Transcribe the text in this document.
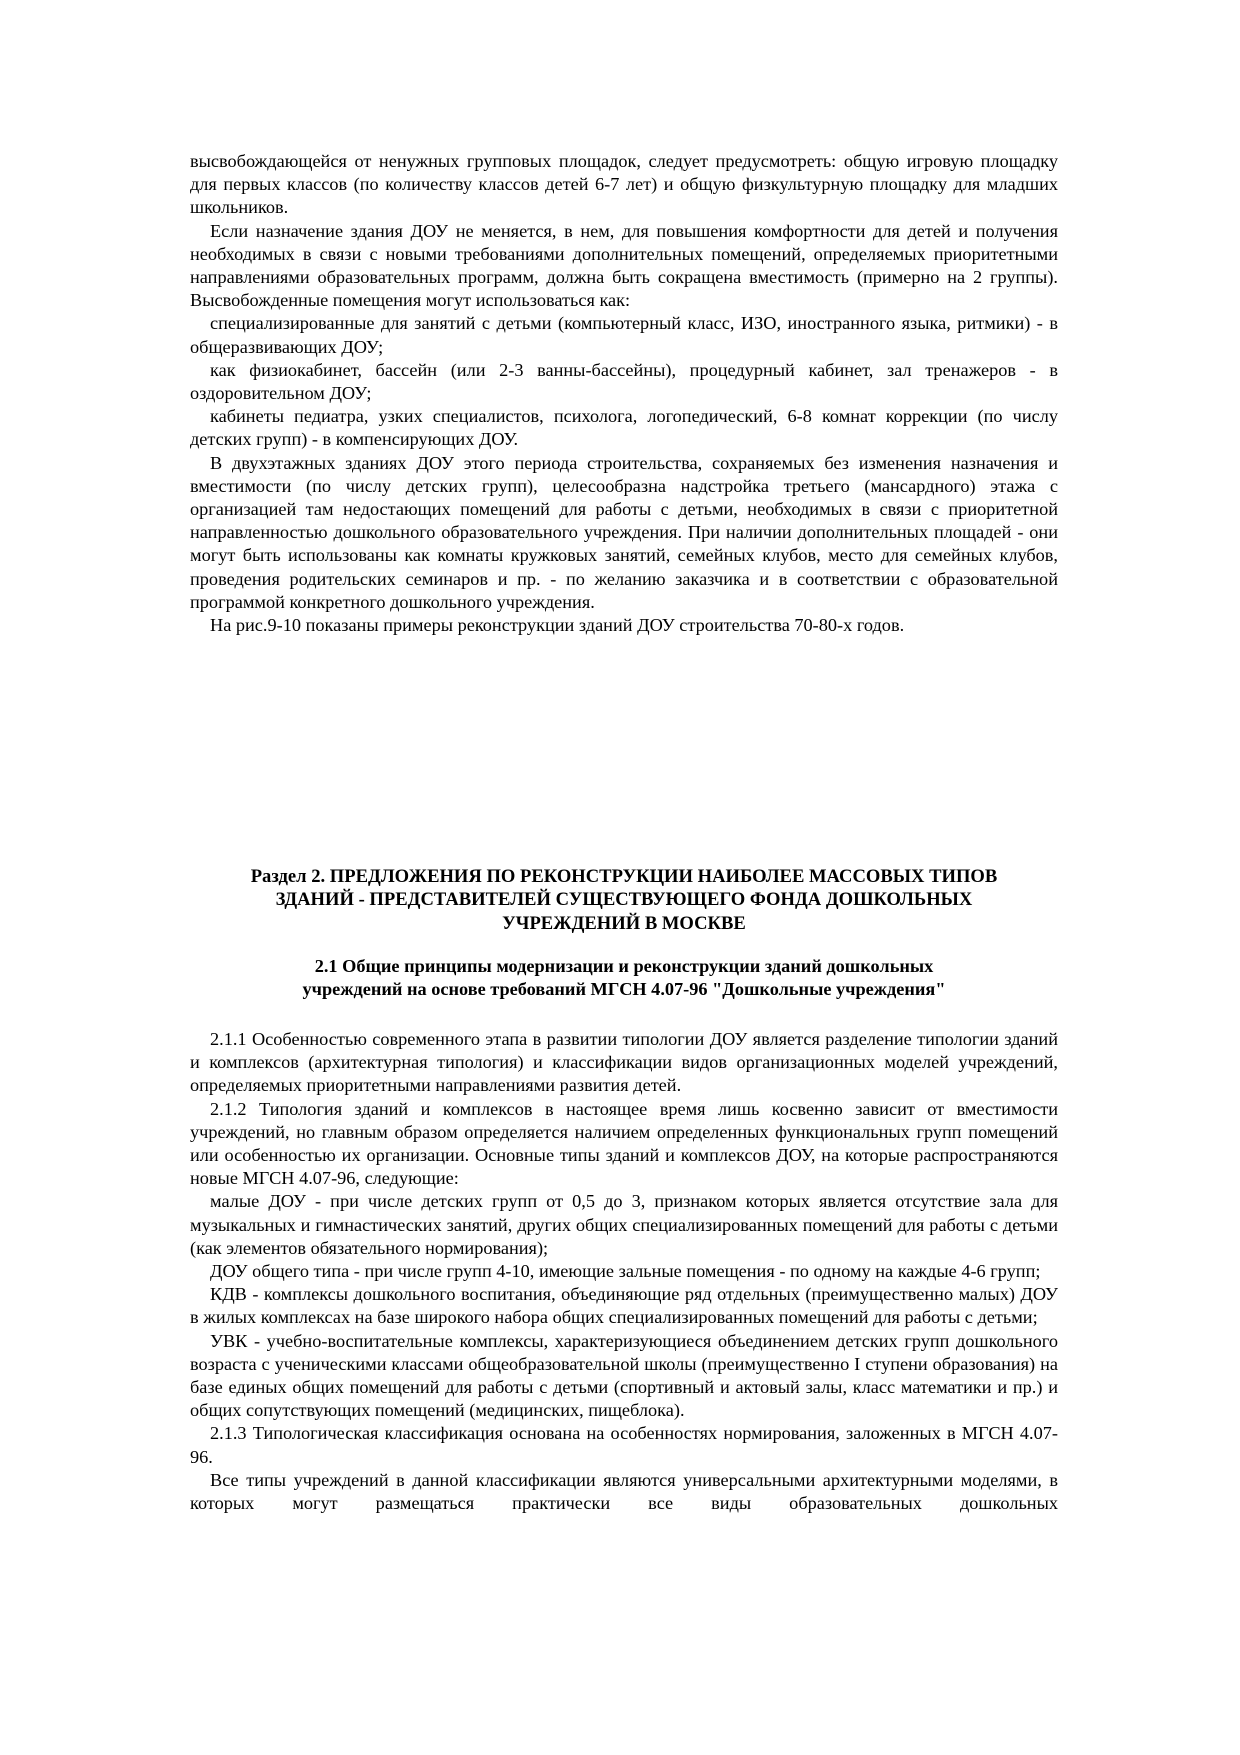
высвобождающейся от ненужных групповых площадок, следует предусмотреть: общую игровую площадку для первых классов (по количеству классов детей 6-7 лет) и общую физкультурную площадку для младших школьников.

Если назначение здания ДОУ не меняется, в нем, для повышения комфортности для детей и получения необходимых в связи с новыми требованиями дополнительных помещений, определяемых приоритетными направлениями образовательных программ, должна быть сокращена вместимость (примерно на 2 группы). Высвобожденные помещения могут использоваться как:

специализированные для занятий с детьми (компьютерный класс, ИЗО, иностранного языка, ритмики) - в общеразвивающих ДОУ;

как физиокабинет, бассейн (или 2-3 ванны-бассейны), процедурный кабинет, зал тренажеров - в оздоровительном ДОУ;

кабинеты педиатра, узких специалистов, психолога, логопедический, 6-8 комнат коррекции (по числу детских групп) - в компенсирующих ДОУ.

В двухэтажных зданиях ДОУ этого периода строительства, сохраняемых без изменения назначения и вместимости (по числу детских групп), целесообразна надстройка третьего (мансардного) этажа с организацией там недостающих помещений для работы с детьми, необходимых в связи с приоритетной направленностью дошкольного образовательного учреждения. При наличии дополнительных площадей - они могут быть использованы как комнаты кружковых занятий, семейных клубов, место для семейных клубов, проведения родительских семинаров и пр. - по желанию заказчика и в соответствии с образовательной программой конкретного дошкольного учреждения.

На рис.9-10 показаны примеры реконструкции зданий ДОУ строительства 70-80-х годов.

Раздел 2. ПРЕДЛОЖЕНИЯ ПО РЕКОНСТРУКЦИИ НАИБОЛЕЕ МАССОВЫХ ТИПОВ
ЗДАНИЙ - ПРЕДСТАВИТЕЛЕЙ СУЩЕСТВУЮЩЕГО ФОНДА ДОШКОЛЬНЫХ
УЧРЕЖДЕНИЙ В МОСКВЕ
2.1 Общие принципы модернизации и реконструкции зданий дошкольных
учреждений на основе требований МГСН 4.07-96 "Дошкольные учреждения"

2.1.1 Особенностью современного этапа в развитии типологии ДОУ является разделение типологии зданий и комплексов (архитектурная типология) и классификации видов организационных моделей учреждений, определяемых приоритетными направлениями развития детей.

2.1.2 Типология зданий и комплексов в настоящее время лишь косвенно зависит от вместимости учреждений, но главным образом определяется наличием определенных функциональных групп помещений или особенностью их организации. Основные типы зданий и комплексов ДОУ, на которые распространяются новые МГСН 4.07-96, следующие:

малые ДОУ - при числе детских групп от 0,5 до 3, признаком которых является отсутствие зала для музыкальных и гимнастических занятий, других общих специализированных помещений для работы с детьми (как элементов обязательного нормирования);

ДОУ общего типа - при числе групп 4-10, имеющие зальные помещения - по одному на каждые 4-6 групп;

КДВ - комплексы дошкольного воспитания, объединяющие ряд отдельных (преимущественно малых) ДОУ в жилых комплексах на базе широкого набора общих специализированных помещений для работы с детьми;

УВК - учебно-воспитательные комплексы, характеризующиеся объединением детских групп дошкольного возраста с ученическими классами общеобразовательной школы (преимущественно I ступени образования) на базе единых общих помещений для работы с детьми (спортивный и актовый залы, класс математики и пр.) и общих сопутствующих помещений (медицинских, пищеблока).

2.1.3 Типологическая классификация основана на особенностях нормирования, заложенных в МГСН 4.07-96.

Все типы учреждений в данной классификации являются универсальными архитектурными моделями, в которых могут размещаться практически все виды образовательных дошкольных
